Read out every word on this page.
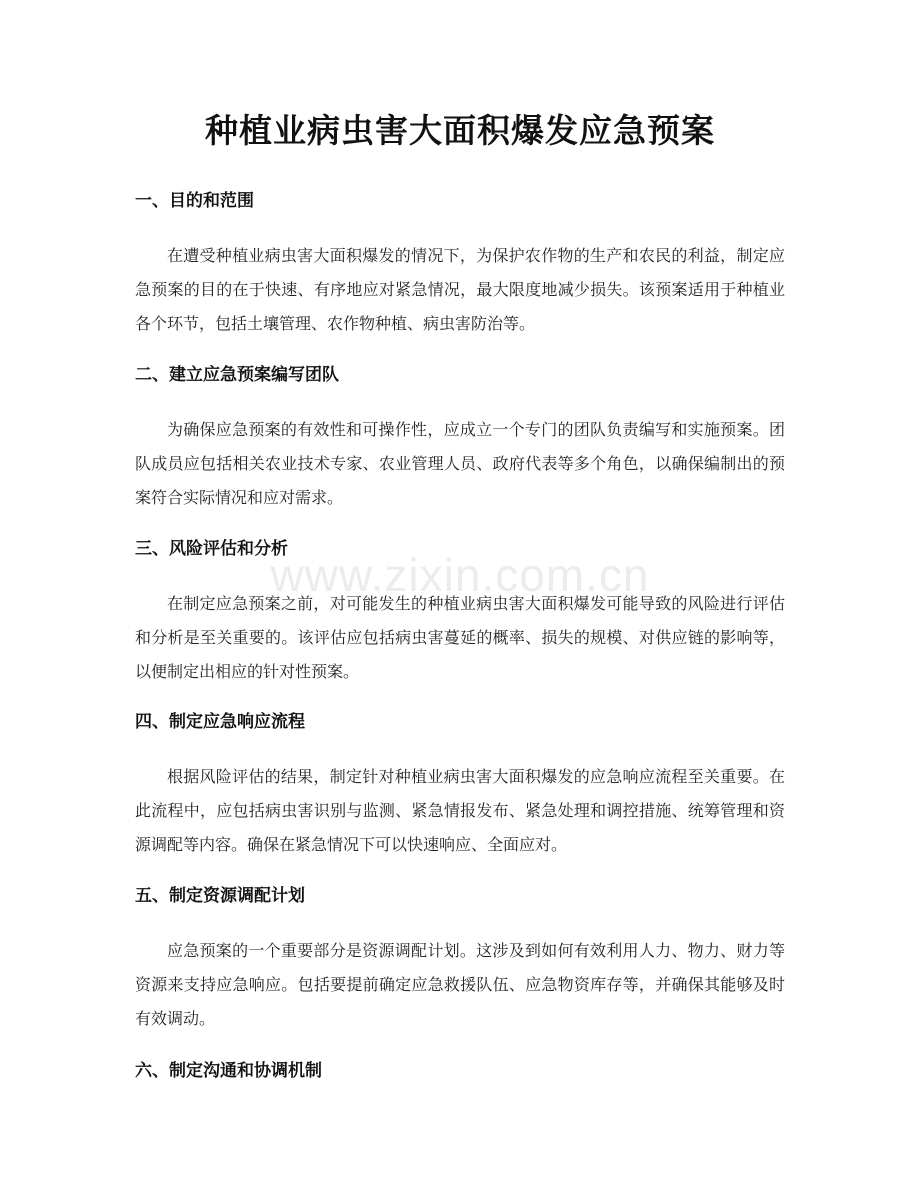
种植业病虫害大面积爆发应急预案
www.zixin.com.cn
一、目的和范围

在遭受种植业病虫害大面积爆发的情况下，为保护农作物的生产和农民的利益，制定应急预案的目的在于快速、有序地应对紧急情况，最大限度地减少损失。该预案适用于种植业各个环节，包括土壤管理、农作物种植、病虫害防治等。

二、建立应急预案编写团队

为确保应急预案的有效性和可操作性，应成立一个专门的团队负责编写和实施预案。团队成员应包括相关农业技术专家、农业管理人员、政府代表等多个角色，以确保编制出的预案符合实际情况和应对需求。

三、风险评估和分析

在制定应急预案之前，对可能发生的种植业病虫害大面积爆发可能导致的风险进行评估和分析是至关重要的。该评估应包括病虫害蔓延的概率、损失的规模、对供应链的影响等，以便制定出相应的针对性预案。

四、制定应急响应流程

根据风险评估的结果，制定针对种植业病虫害大面积爆发的应急响应流程至关重要。在此流程中，应包括病虫害识别与监测、紧急情报发布、紧急处理和调控措施、统筹管理和资源调配等内容。确保在紧急情况下可以快速响应、全面应对。

五、制定资源调配计划

应急预案的一个重要部分是资源调配计划。这涉及到如何有效利用人力、物力、财力等资源来支持应急响应。包括要提前确定应急救援队伍、应急物资库存等，并确保其能够及时有效调动。

六、制定沟通和协调机制
